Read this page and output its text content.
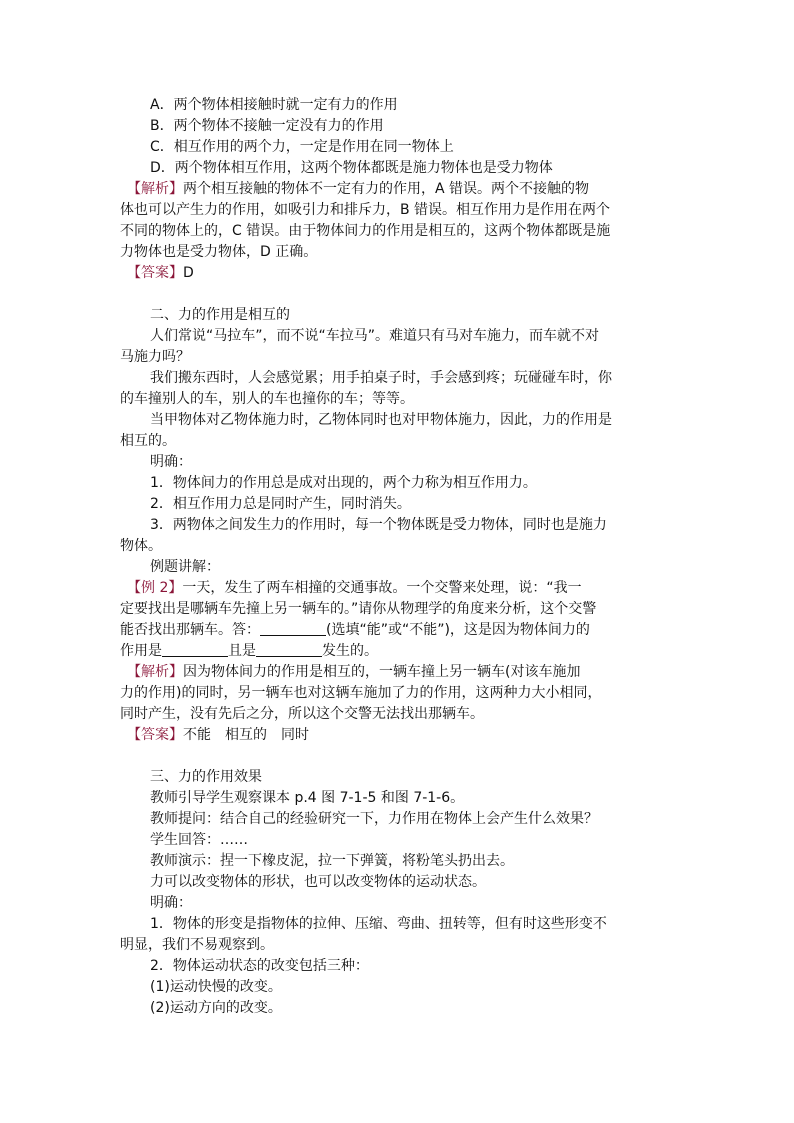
A．两个物体相接触时就一定有力的作用
B．两个物体不接触一定没有力的作用
C．相互作用的两个力，一定是作用在同一物体上
D．两个物体相互作用，这两个物体都既是施力物体也是受力物体
【解析】两个相互接触的物体不一定有力的作用，A 错误。两个不接触的物
体也可以产生力的作用，如吸引力和排斥力，B 错误。相互作用力是作用在两个
不同的物体上的，C 错误。由于物体间力的作用是相互的，这两个物体都既是施
力物体也是受力物体，D 正确。
【答案】D
二、力的作用是相互的
人们常说“马拉车”，而不说“车拉马”。难道只有马对车施力，而车就不对
马施力吗？
我们搬东西时，人会感觉累；用手拍桌子时，手会感到疼；玩碰碰车时，你
的车撞别人的车，别人的车也撞你的车；等等。
当甲物体对乙物体施力时，乙物体同时也对甲物体施力，因此，力的作用是
相互的。
明确：
1．物体间力的作用总是成对出现的，两个力称为相互作用力。
2．相互作用力总是同时产生，同时消失。
3．两物体之间发生力的作用时，每一个物体既是受力物体，同时也是施力
物体。
例题讲解：
【例 2】一天，发生了两车相撞的交通事故。一个交警来处理，说：“我一
定要找出是哪辆车先撞上另一辆车的。”请你从物理学的角度来分析，这个交警
能否找出那辆车。答：	(选填“能”或“不能”)，这是因为物体间力的
作用是	且是	发生的。
【解析】因为物体间力的作用是相互的，一辆车撞上另一辆车(对该车施加
力的作用)的同时，另一辆车也对这辆车施加了力的作用，这两种力大小相同，
同时产生，没有先后之分，所以这个交警无法找出那辆车。
【答案】不能　相互的　同时
三、力的作用效果
教师引导学生观察课本 p.4 图 7-1-5 和图 7-1-6。
教师提问：结合自己的经验研究一下，力作用在物体上会产生什么效果？
学生回答：……
教师演示：捏一下橡皮泥，拉一下弹簧，将粉笔头扔出去。
力可以改变物体的形状，也可以改变物体的运动状态。
明确：
1．物体的形变是指物体的拉伸、压缩、弯曲、扭转等，但有时这些形变不
明显，我们不易观察到。
2．物体运动状态的改变包括三种：
(1)运动快慢的改变。
(2)运动方向的改变。
